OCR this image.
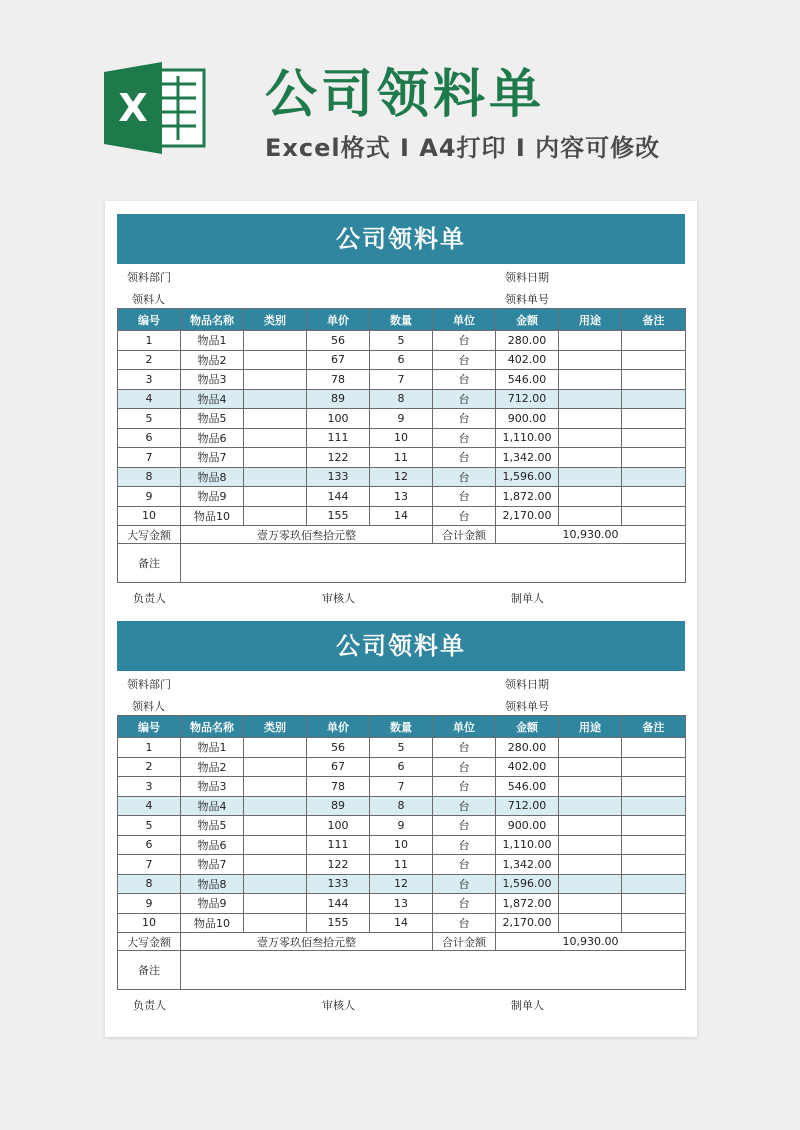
X 公司领料单
Excel格式 I A4打印 I 内容可修改
公司领料单
领料部门	领料日期
领料人	领料单号
编号	物品名称	类别	单价	数量	单位	金额	用途	备注
1	物品1		56	5	台	280.00		
2	物品2		67	6	台	402.00		
3	物品3		78	7	台	546.00		
4	物品4		89	8	台	712.00		
5	物品5		100	9	台	900.00		
6	物品6		111	10	台	1,110.00		
7	物品7		122	11	台	1,342.00		
8	物品8		133	12	台	1,596.00		
9	物品9		144	13	台	1,872.00		
10	物品10		155	14	台	2,170.00		
大写金额	壹万零玖佰叁拾元整				合计金额	10,930.00		
备注								
负责人	审核人	制单人
公司领料单
领料部门	领料日期
领料人	领料单号
编号	物品名称	类别	单价	数量	单位	金额	用途	备注
1	物品1		56	5	台	280.00		
2	物品2		67	6	台	402.00		
3	物品3		78	7	台	546.00		
4	物品4		89	8	台	712.00		
5	物品5		100	9	台	900.00		
6	物品6		111	10	台	1,110.00		
7	物品7		122	11	台	1,342.00		
8	物品8		133	12	台	1,596.00		
9	物品9		144	13	台	1,872.00		
10	物品10		155	14	台	2,170.00		
大写金额	壹万零玖佰叁拾元整				合计金额	10,930.00		
备注								
负责人	审核人	制单人
